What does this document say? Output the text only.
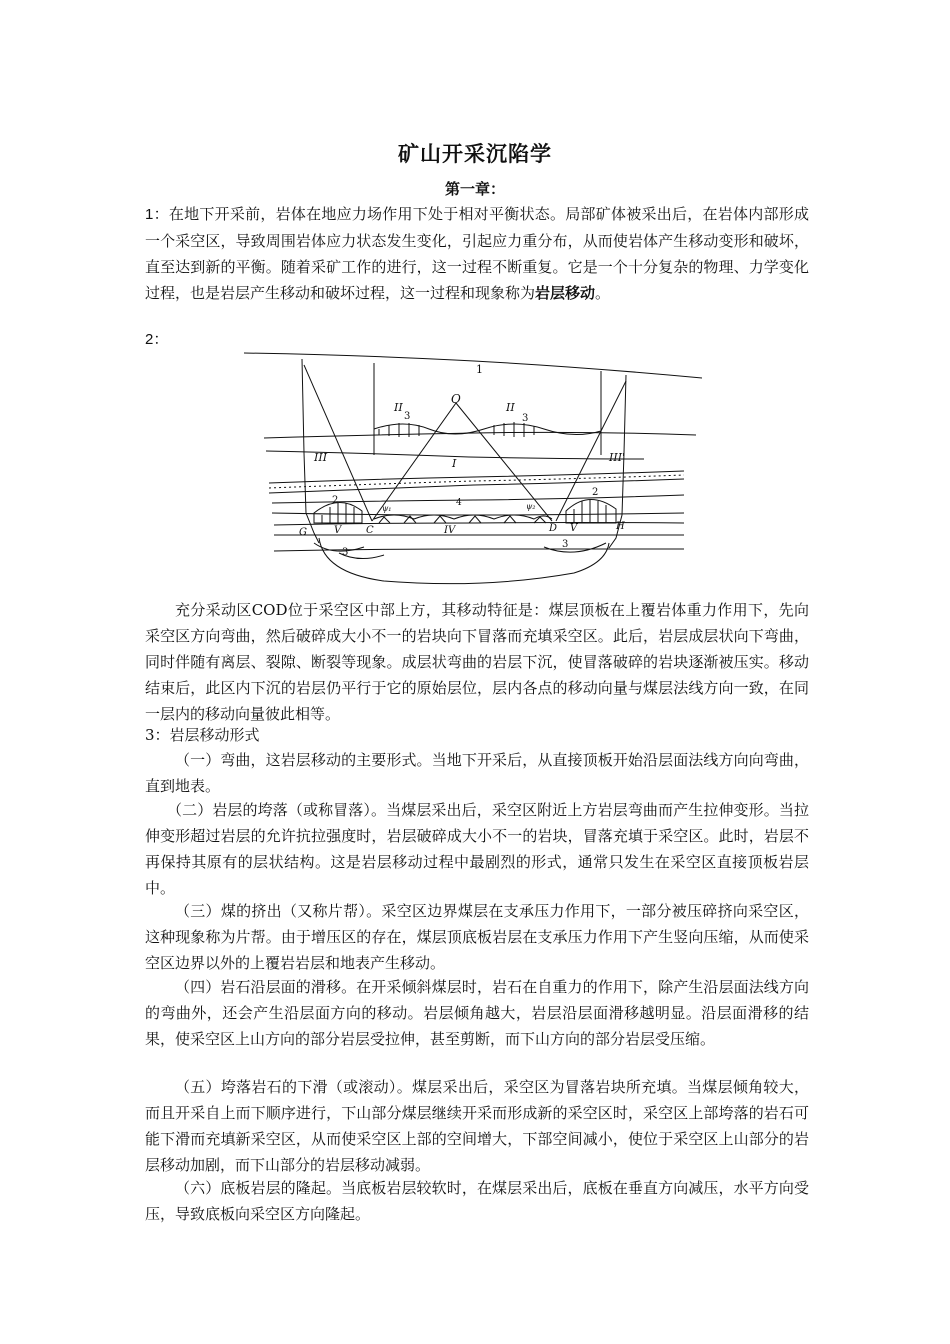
矿山开采沉陷学
第一章：
1：在地下开采前，岩体在地应力场作用下处于相对平衡状态。局部矿体被采出后，在岩体内部形成一个采空区，导致周围岩体应力状态发生变化，引起应力重分布，从而使岩体产生移动变形和破坏，直至达到新的平衡。随着采矿工作的进行，这一过程不断重复。它是一个十分复杂的物理、力学变化过程，也是岩层产生移动和破坏过程，这一过程和现象称为岩层移动。
2：
1
O
II	II
3	3
III	I	III'
2
2
4
ψ₁	ψ₂
G	V C	IV	D V	H
3
3
充分采动区COD位于采空区中部上方，其移动特征是：煤层顶板在上覆岩体重力作用下，先向采空区方向弯曲，然后破碎成大小不一的岩块向下冒落而充填采空区。此后，岩层成层状向下弯曲，同时伴随有离层、裂隙、断裂等现象。成层状弯曲的岩层下沉，使冒落破碎的岩块逐渐被压实。移动结束后，此区内下沉的岩层仍平行于它的原始层位，层内各点的移动向量与煤层法线方向一致，在同一层内的移动向量彼此相等。
3：岩层移动形式
（一）弯曲，这岩层移动的主要形式。当地下开采后，从直接顶板开始沿层面法线方向向弯曲，直到地表。
（二）岩层的垮落（或称冒落）。当煤层采出后，采空区附近上方岩层弯曲而产生拉伸变形。当拉伸变形超过岩层的允许抗拉强度时，岩层破碎成大小不一的岩块，冒落充填于采空区。此时，岩层不再保持其原有的层状结构。这是岩层移动过程中最剧烈的形式，通常只发生在采空区直接顶板岩层中。
（三）煤的挤出（又称片帮）。采空区边界煤层在支承压力作用下，一部分被压碎挤向采空区，这种现象称为片帮。由于增压区的存在，煤层顶底板岩层在支承压力作用下产生竖向压缩，从而使采空区边界以外的上覆岩岩层和地表产生移动。
（四）岩石沿层面的滑移。在开采倾斜煤层时，岩石在自重力的作用下，除产生沿层面法线方向的弯曲外，还会产生沿层面方向的移动。岩层倾角越大，岩层沿层面滑移越明显。沿层面滑移的结果，使采空区上山方向的部分岩层受拉伸，甚至剪断，而下山方向的部分岩层受压缩。
（五）垮落岩石的下滑（或滚动）。煤层采出后，采空区为冒落岩块所充填。当煤层倾角较大，而且开采自上而下顺序进行，下山部分煤层继续开采而形成新的采空区时，采空区上部垮落的岩石可能下滑而充填新采空区，从而使采空区上部的空间增大，下部空间减小，使位于采空区上山部分的岩层移动加剧，而下山部分的岩层移动减弱。
（六）底板岩层的隆起。当底板岩层较软时，在煤层采出后，底板在垂直方向减压，水平方向受压，导致底板向采空区方向隆起。
